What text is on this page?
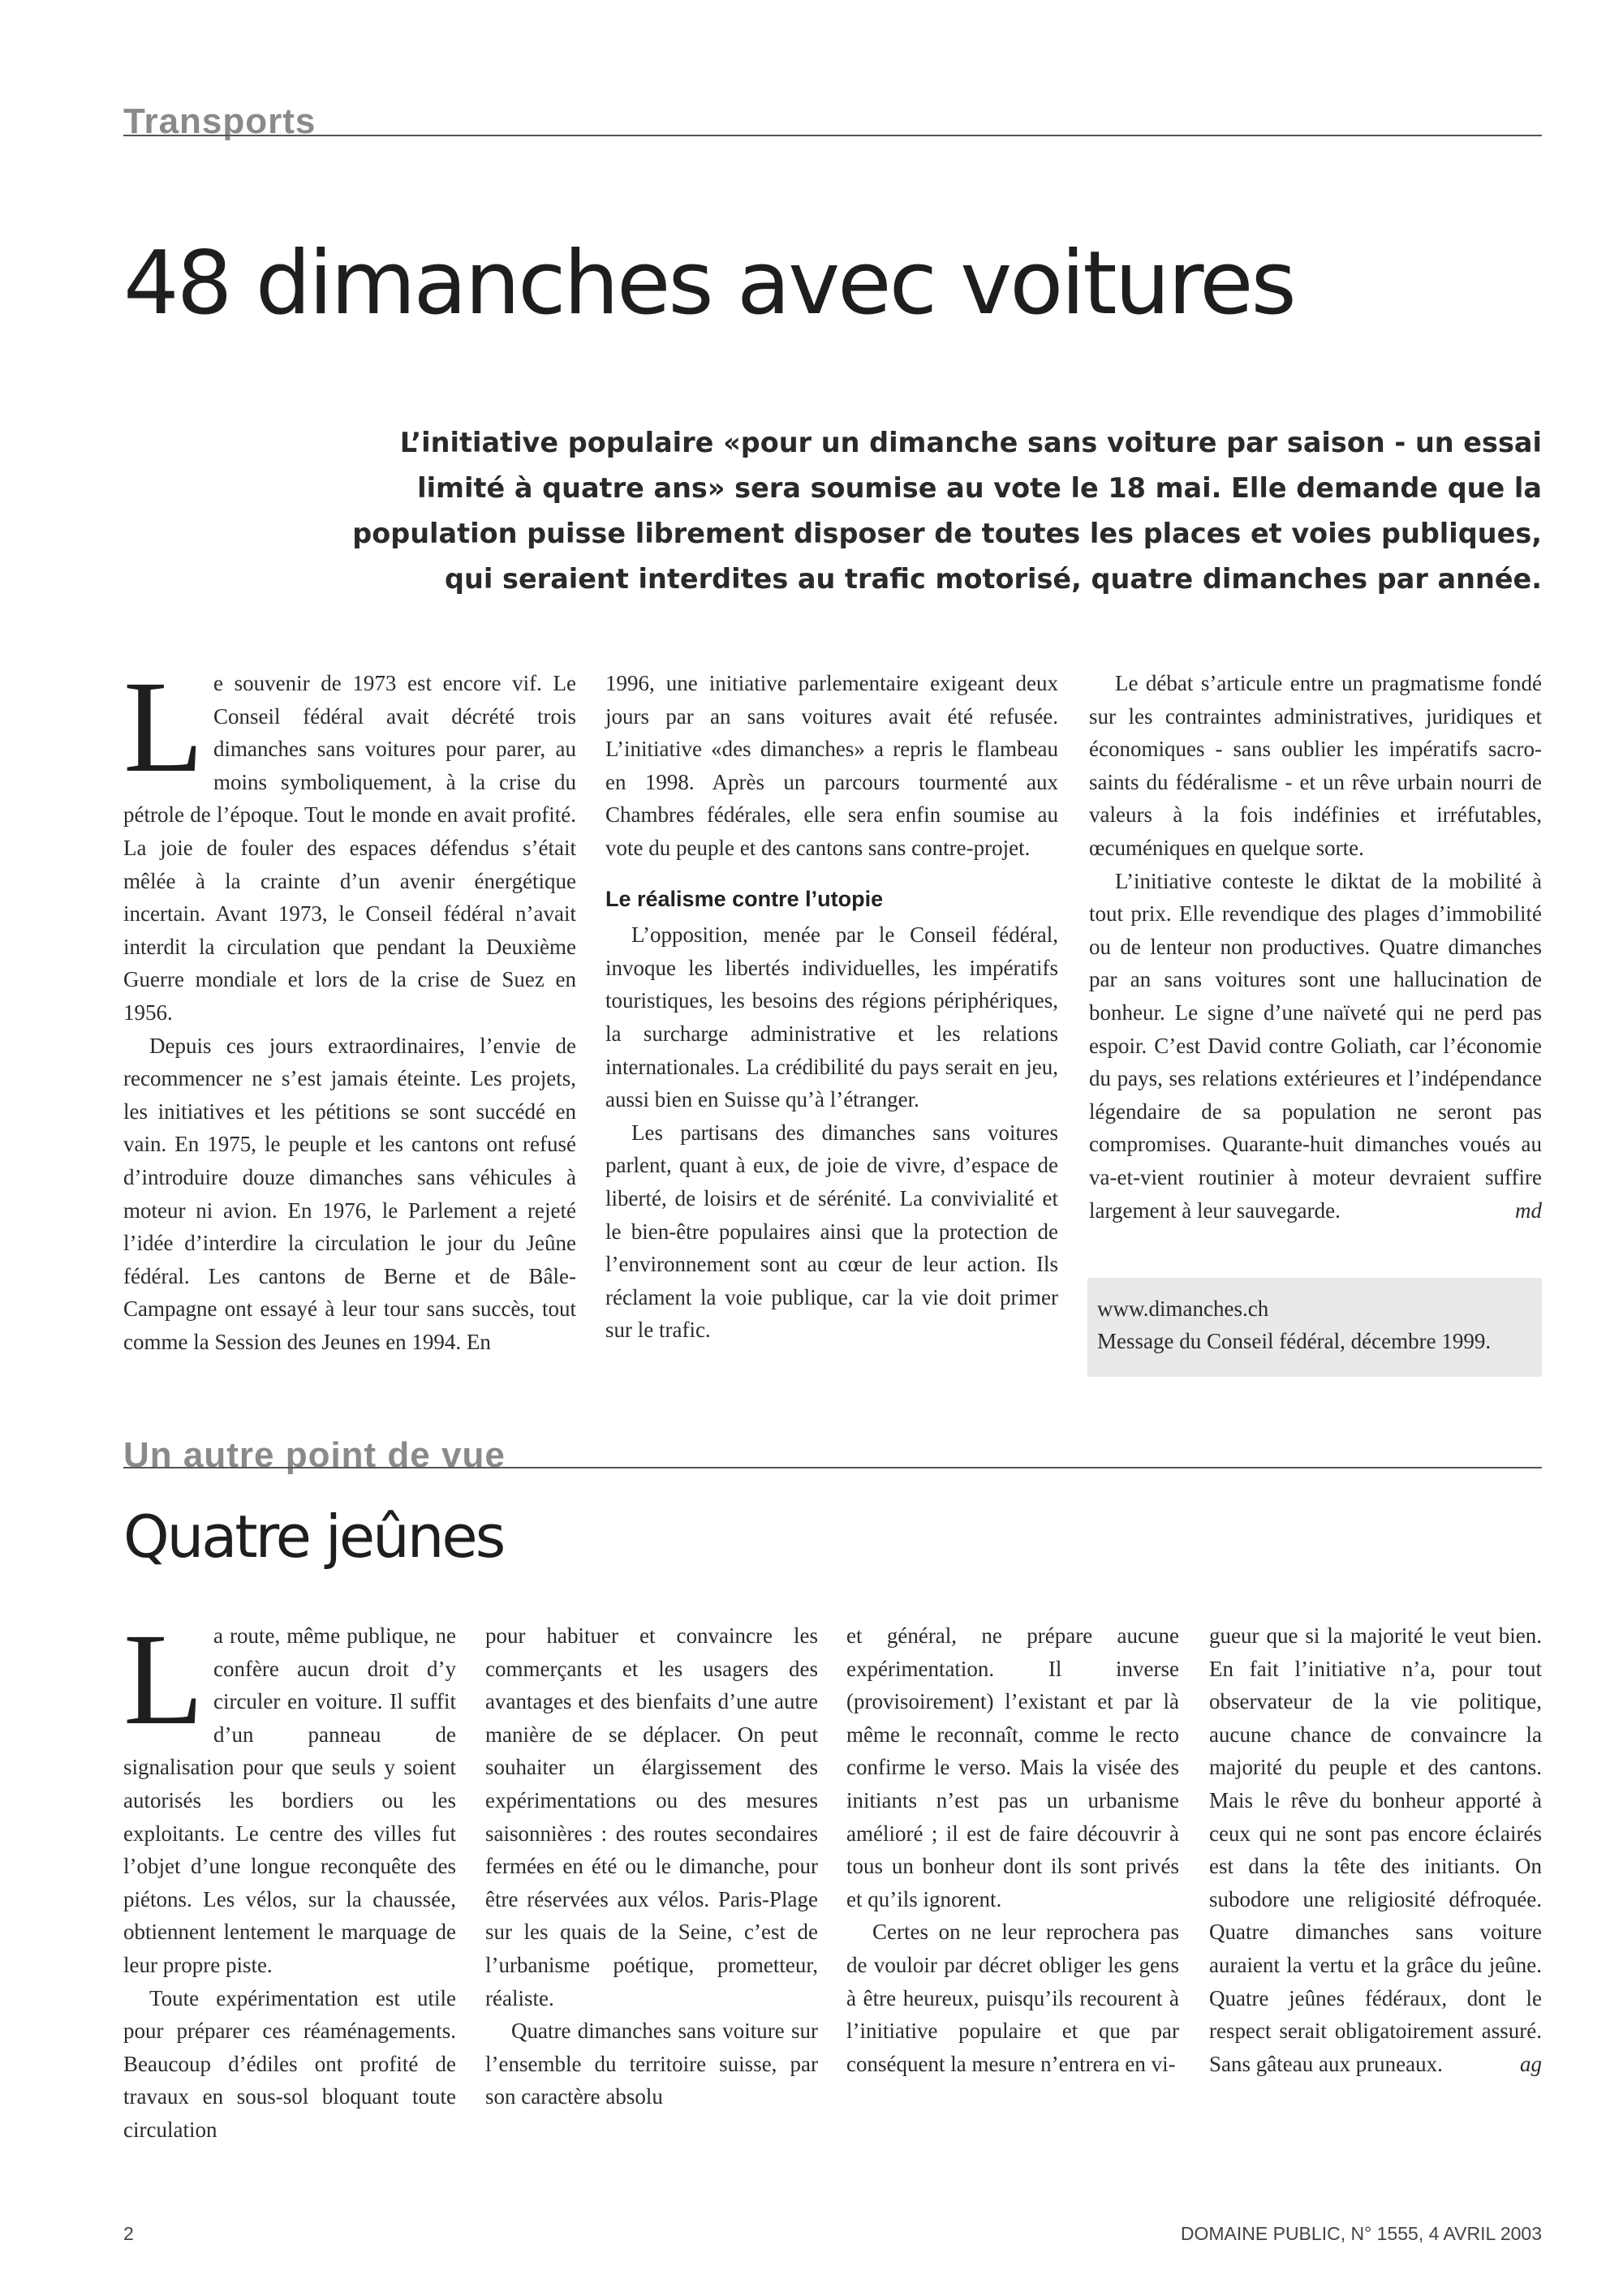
Transports
48 dimanches avec voitures
L’initiative populaire «pour un dimanche sans voiture par saison - un essai limité à quatre ans» sera soumise au vote le 18 mai. Elle demande que la population puisse librement disposer de toutes les places et voies publiques, qui seraient interdites au trafic motorisé, quatre dimanches par année.

Le souvenir de 1973 est encore vif. Le Conseil fédéral avait décrété trois dimanches sans voitures pour parer, au moins symboliquement, à la crise du pétrole de l’époque. Tout le monde en avait profité. La joie de fouler des espaces défendus s’était mêlée à la crainte d’un avenir énergétique incertain. Avant 1973, le Conseil fédéral n’avait interdit la circulation que pendant la Deuxième Guerre mondiale et lors de la crise de Suez en 1956.

Depuis ces jours extraordinaires, l’envie de recommencer ne s’est jamais éteinte. Les projets, les initiatives et les pétitions se sont succédé en vain. En 1975, le peuple et les cantons ont refusé d’introduire douze dimanches sans véhicules à moteur ni avion. En 1976, le Parlement a rejeté l’idée d’interdire la circulation le jour du Jeûne fédéral. Les cantons de Berne et de Bâle-Campagne ont essayé à leur tour sans succès, tout comme la Session des Jeunes en 1994. En

1996, une initiative parlementaire exigeant deux jours par an sans voitures avait été refusée. L’initiative «des dimanches» a repris le flambeau en 1998. Après un parcours tourmenté aux Chambres fédérales, elle sera enfin soumise au vote du peuple et des cantons sans contre-projet.

Le réalisme contre l’utopie

L’opposition, menée par le Conseil fédéral, invoque les libertés individuelles, les impératifs touristiques, les besoins des régions périphériques, la surcharge administrative et les relations internationales. La crédibilité du pays serait en jeu, aussi bien en Suisse qu’à l’étranger.

Les partisans des dimanches sans voitures parlent, quant à eux, de joie de vivre, d’espace de liberté, de loisirs et de sérénité. La convivialité et le bien-être populaires ainsi que la protection de l’environnement sont au cœur de leur action. Ils réclament la voie publique, car la vie doit primer sur le trafic.

Le débat s’articule entre un pragmatisme fondé sur les contraintes administratives, juridiques et économiques - sans oublier les impératifs sacro-saints du fédéralisme - et un rêve urbain nourri de valeurs à la fois indéfinies et irréfutables, œcuméniques en quelque sorte.

L’initiative conteste le diktat de la mobilité à tout prix. Elle revendique des plages d’immobilité ou de lenteur non productives. Quatre dimanches par an sans voitures sont une hallucination de bonheur. Le signe d’une naïveté qui ne perd pas espoir. C’est David contre Goliath, car l’économie du pays, ses relations extérieures et l’indépendance légendaire de sa population ne seront pas compromises. Quarante-huit dimanches voués au va-et-vient routinier à moteur devraient suffire largement à leur sauvegarde.	md

www.dimanches.ch
Message du Conseil fédéral, décembre 1999.
Un autre point de vue
Quatre jeûnes

La route, même publique, ne confère aucun droit d’y circuler en voiture. Il suffit d’un panneau de signalisation pour que seuls y soient autorisés les bordiers ou les exploitants. Le centre des villes fut l’objet d’une longue reconquête des piétons. Les vélos, sur la chaussée, obtiennent lentement le marquage de leur propre piste.

Toute expérimentation est utile pour préparer ces réaménagements. Beaucoup d’édiles ont profité de travaux en sous-sol bloquant toute circulation

pour habituer et convaincre les commerçants et les usagers des avantages et des bienfaits d’une autre manière de se déplacer. On peut souhaiter un élargissement des expérimentations ou des mesures saisonnières : des routes secondaires fermées en été ou le dimanche, pour être réservées aux vélos. Paris-Plage sur les quais de la Seine, c’est de l’urbanisme poétique, prometteur, réaliste.

Quatre dimanches sans voiture sur l’ensemble du territoire suisse, par son caractère absolu

et général, ne prépare aucune expérimentation. Il inverse (provisoirement) l’existant et par là même le reconnaît, comme le recto confirme le verso. Mais la visée des initiants n’est pas un urbanisme amélioré ; il est de faire découvrir à tous un bonheur dont ils sont privés et qu’ils ignorent.

Certes on ne leur reprochera pas de vouloir par décret obliger les gens à être heureux, puisqu’ils recourent à l’initiative populaire et que par conséquent la mesure n’entrera en vi-

gueur que si la majorité le veut bien. En fait l’initiative n’a, pour tout observateur de la vie politique, aucune chance de convaincre la majorité du peuple et des cantons. Mais le rêve du bonheur apporté à ceux qui ne sont pas encore éclairés est dans la tête des initiants. On subodore une religiosité défroquée. Quatre dimanches sans voiture auraient la vertu et la grâce du jeûne. Quatre jeûnes fédéraux, dont le respect serait obligatoirement assuré. Sans gâteau aux pruneaux.	ag

2	DOMAINE PUBLIC, N° 1555, 4 AVRIL 2003
